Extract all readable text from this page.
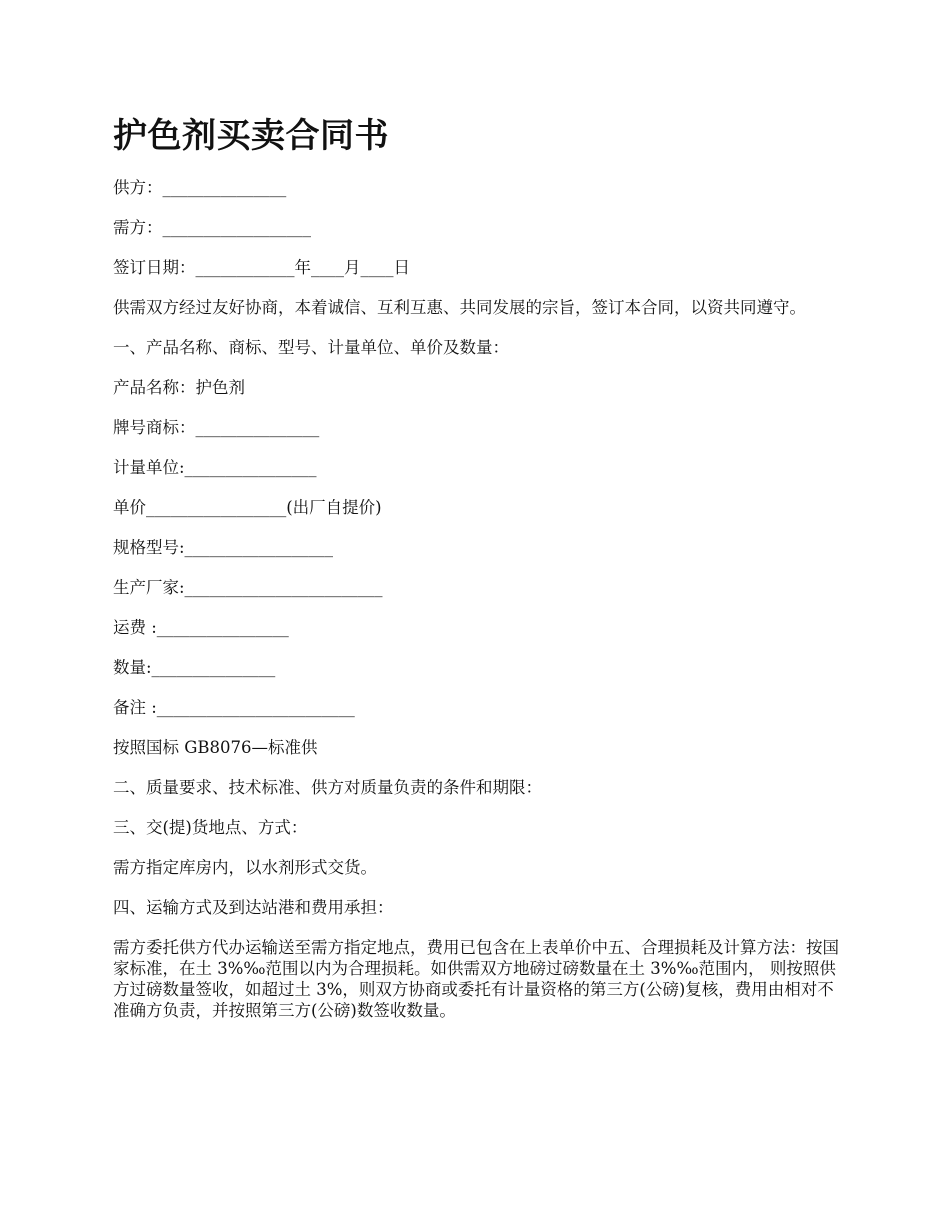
护色剂买卖合同书

供方：_______________

需方：__________________

签订日期：____________年____月____日

供需双方经过友好协商，本着诚信、互利互惠、共同发展的宗旨，签订本合同，以资共同遵守。

一、产品名称、商标、型号、计量单位、单价及数量：

产品名称：护色剂

牌号商标：_______________

计量单位:________________

单价_________________(出厂自提价)

规格型号:__________________

生产厂家:________________________

运费 :________________

数量:_______________

备注 :________________________

按照国标 GB8076—标准供

二、质量要求、技术标准、供方对质量负责的条件和期限：

三、交(提)货地点、方式：

需方指定库房内，以水剂形式交货。

四、运输方式及到达站港和费用承担：

需方委托供方代办运输送至需方指定地点，费用已包含在上表单价中五、合理损耗及计算方法：按国家标准，在土 3%‰范围以内为合理损耗。如供需双方地磅过磅数量在土 3%‰范围内， 则按照供方过磅数量签收，如超过土 3%，则双方协商或委托有计量资格的第三方(公磅)复核，费用由相对不准确方负责，并按照第三方(公磅)数签收数量。
